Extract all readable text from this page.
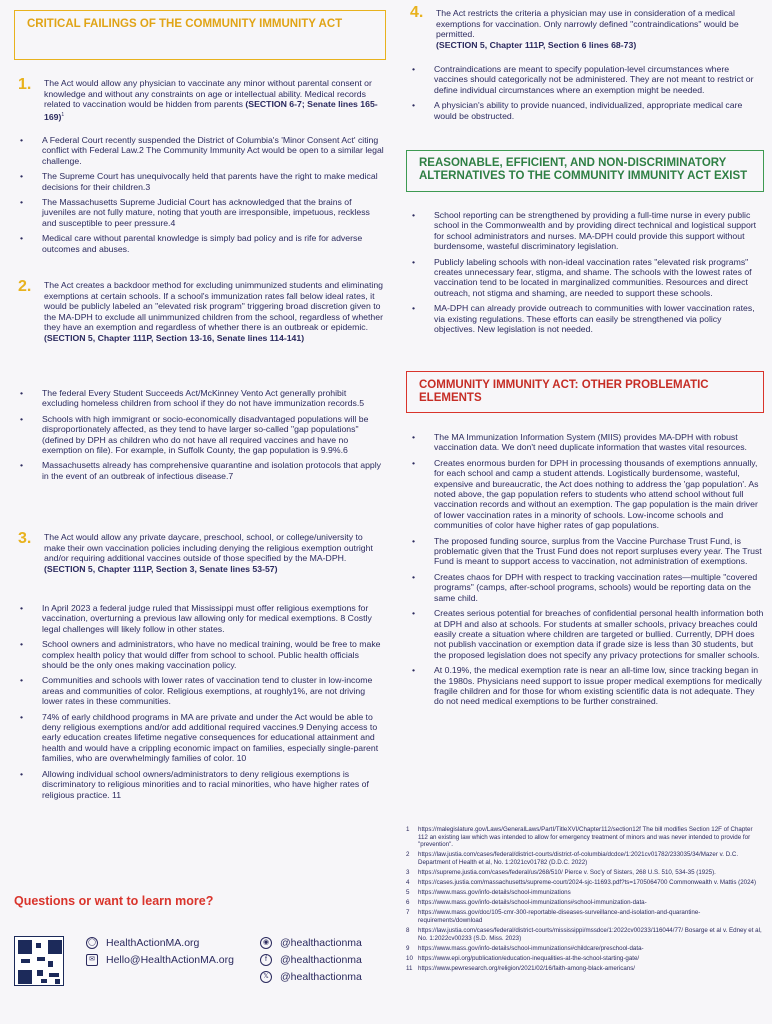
CRITICAL FAILINGS OF THE COMMUNITY IMMUNITY ACT
1. The Act would allow any physician to vaccinate any minor without parental consent or knowledge and without any constraints on age or intellectual ability. Medical records related to vaccination would be hidden from parents (SECTION 6-7; Senate lines 165-169)$^1$
• A Federal Court recently suspended the District of Columbia's 'Minor Consent Act' citing conflict with Federal Law.2 The Community Immunity Act would be open to a similar legal challenge.
• The Supreme Court has unequivocally held that parents have the right to make medical decisions for their children.3
• The Massachusetts Supreme Judicial Court has acknowledged that the brains of juveniles are not fully mature, noting that youth are irresponsible, impetuous, reckless and susceptible to peer pressure.4
• Medical care without parental knowledge is simply bad policy and is rife for adverse outcomes and abuses.
2. The Act creates a backdoor method for excluding unimmunized students and eliminating exemptions at certain schools. If a school's immunization rates fall below ideal rates, it would be publicly labeled an "elevated risk program" triggering broad discretion given to the MA-DPH to exclude all unimmunized children from the school, regardless of whether they have an exemption and regardless of whether there is an outbreak or epidemic.
(SECTION 5, Chapter 111P, Section 13-16, Senate lines 114-141)
• The federal Every Student Succeeds Act/McKinney Vento Act generally prohibit excluding homeless children from school if they do not have immunization records.5
• Schools with high immigrant or socio-economically disadvantaged populations will be disproportionately affected, as they tend to have larger so-called "gap populations" (defined by DPH as children who do not have all required vaccines and have no exemption on file). For example, in Suffolk County, the gap population is 9.9%.6
• Massachusetts already has comprehensive quarantine and isolation protocols that apply in the event of an outbreak of infectious disease.7
3. The Act would allow any private daycare, preschool, school, or college/university to make their own vaccination policies including denying the religious exemption outright and/or requiring additional vaccines outside of those specified by the MA-DPH.
(SECTION 5, Chapter 111P, Section 3, Senate lines 53-57)
• In April 2023 a federal judge ruled that Mississippi must offer religious exemptions for vaccination, overturning a previous law allowing only for medical exemptions. 8 Costly legal challenges will likely follow in other states.
• School owners and administrators, who have no medical training, would be free to make complex health policy that would differ from school to school. Public health officials should be the only ones making vaccination policy.
• Communities and schools with lower rates of vaccination tend to cluster in low-income areas and communities of color. Religious exemptions, at roughly1%, are not driving lower rates in these communities.
• 74% of early childhood programs in MA are private and under the Act would be able to deny religious exemptions and/or add additional required vaccines.9 Denying access to early education creates lifetime negative consequences for educational attainment and health and would have a crippling economic impact on families, especially single-parent families, who are overwhelmingly families of color. 10
• Allowing individual school owners/administrators to deny religious exemptions is discriminatory to religious minorities and to racial minorities, who have higher rates of religious practice. 11
Questions or want to learn more?
◯ HealthActionMA.org
✉ Hello@HealthActionMA.org
◉ @healthactionma
f	@healthactionma
𝕏	@healthactionma
4. The Act restricts the criteria a physician may use in consideration of a medical exemptions for vaccination. Only narrowly defined "contraindications" would be permitted.
(SECTION 5, Chapter 111P, Section 6 lines 68-73)
• Contraindications are meant to specify population-level circumstances where vaccines should categorically not be administered. They are not meant to restrict or define individual circumstances where an exemption might be needed.
• A physician's ability to provide nuanced, individualized, appropriate medical care would be obstructed.
REASONABLE, EFFICIENT, AND NON-DISCRIMINATORY ALTERNATIVES TO THE COMMUNITY IMMUNITY ACT EXIST
• School reporting can be strengthened by providing a full-time nurse in every public school in the Commonwealth and by providing direct technical and logistical support for school administrators and nurses. MA-DPH could provide this support without burdensome, wasteful discriminatory legislation.
• Publicly labeling schools with non-ideal vaccination rates "elevated risk programs" creates unnecessary fear, stigma, and shame. The schools with the lowest rates of vaccination tend to be located in marginalized communities. Resources and direct outreach, not stigma and shaming, are needed to support these schools.
• MA-DPH can already provide outreach to communities with lower vaccination rates, via existing regulations. These efforts can easily be strengthened via policy objectives. New legislation is not needed.
COMMUNITY IMMUNITY ACT: OTHER PROBLEMATIC ELEMENTS
• The MA Immunization Information System (MIIS) provides MA-DPH with robust vaccination data. We don't need duplicate information that wastes vital resources.
• Creates enormous burden for DPH in processing thousands of exemptions annually, for each school and camp a student attends. Logistically burdensome, wasteful, expensive and bureaucratic, the Act does nothing to address the 'gap population'. As noted above, the gap population refers to students who attend school without full vaccination records and without an exemption. The gap population is the main driver of lower vaccination rates in a minority of schools. Low-income schools and communities of color have higher rates of gap populations.
• The proposed funding source, surplus from the Vaccine Purchase Trust Fund, is problematic given that the Trust Fund does not report surpluses every year. The Trust Fund is meant to support access to vaccination, not administration of exemptions.
• Creates chaos for DPH with respect to tracking vaccination rates—multiple "covered programs" (camps, after-school programs, schools) would be reporting data on the same child.
• Creates serious potential for breaches of confidential personal health information both at DPH and also at schools. For students at smaller schools, privacy breaches could easily create a situation where children are targeted or bullied. Currently, DPH does not publish vaccination or exemption data if grade size is less than 30 students, but the proposed legislation does not specify any privacy protections for smaller schools.
• At 0.19%, the medical exemption rate is near an all-time low, since tracking began in the 1980s. Physicians need support to issue proper medical exemptions for medically fragile children and for those for whom existing scientific data is not adequate. They do not need medical exemptions to be further constrained.
1 https://malegislature.gov/Laws/GeneralLaws/PartI/TitleXVI/Chapter112/section12f The bill modifies Section 12F of Chapter 112 an existing law which was intended to allow for emergency treatment of minors and was never intended to provide for "prevention".
2 https://law.justia.com/cases/federal/district-courts/district-of-columbia/dcdce/1:2021cv01782/233035/34/Mazer v. D.C. Department of Health et al, No. 1:2021cv01782 (D.D.C. 2022)
3 https://supreme.justia.com/cases/federal/us/268/510/ Pierce v. Soc'y of Sisters, 268 U.S. 510, 534-35 (1925).
4 https://cases.justia.com/massachusetts/supreme-court/2024-sjc-11693.pdf?ts=1705064700 Commonwealth v. Mattis (2024)
5 https://www.mass.gov/info-details/school-immunizations
6 https://www.mass.gov/info-details/school-immunizations#school-immunization-data-
7 https://www.mass.gov/doc/105-cmr-300-reportable-diseases-surveillance-and-isolation-and-quarantine-requirements/download
8 https://law.justia.com/cases/federal/district-courts/mississippi/mssdce/1:2022cv00233/116044/77/ Bosarge et al v. Edney et al, No. 1:2022cv00233 (S.D. Miss. 2023)
9 https://www.mass.gov/info-details/school-immunizations#childcare/preschool-data-
10 https://www.epi.org/publication/education-inequalities-at-the-school-starting-gate/
11 https://www.pewresearch.org/religion/2021/02/16/faith-among-black-americans/
